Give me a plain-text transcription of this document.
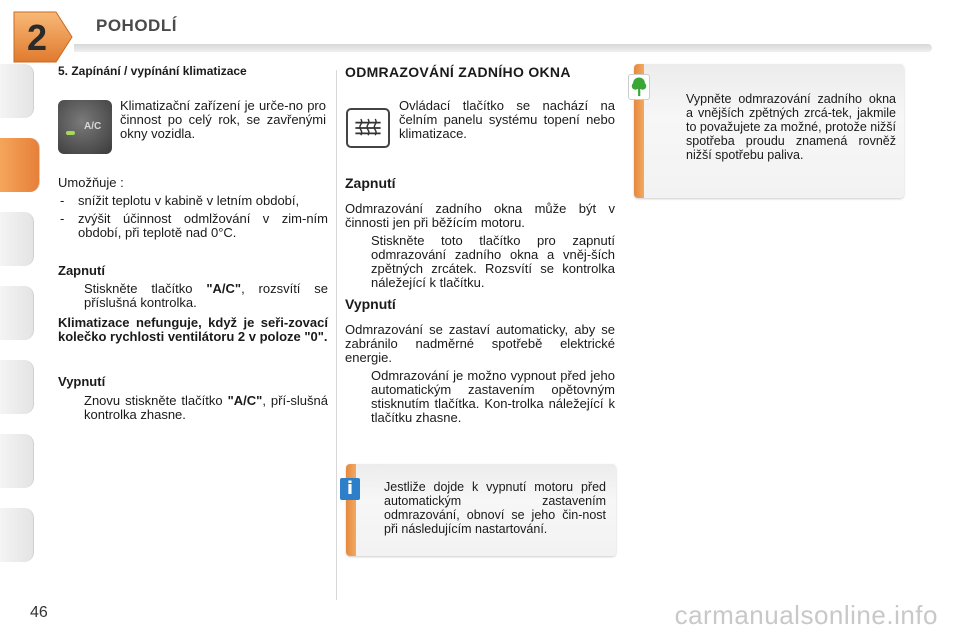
2	POHODLÍ
5. Zapínání / vypínání klimatizace
A/C
Klimatizační zařízení je urče-no pro činnost po celý rok, se zavřenými okny vozidla.
Umožňuje :
- snížit teplotu v kabině v letním období,
- zvýšit účinnost odmlžování v zim-ním období, při teplotě nad 0°C.
Zapnutí
Stiskněte tlačítko "A/C", rozsvítí se příslušná kontrolka.
Klimatizace nefunguje, když je seři-zovací kolečko rychlosti ventilátoru 2 v poloze "0".
Vypnutí
Znovu stiskněte tlačítko "A/C", pří-slušná kontrolka zhasne.
ODMRAZOVÁNÍ ZADNÍHO OKNA
Ovládací tlačítko se nachází na čelním panelu systému topení nebo klimatizace.
Zapnutí
Odmrazování zadního okna může být v činnosti jen při běžícím motoru.
Stiskněte toto tlačítko pro zapnutí odmrazování zadního okna a vněj-ších zpětných zrcátek. Rozsvítí se kontrolka náležející k tlačítku.
Vypnutí
Odmrazování se zastaví automaticky, aby se zabránilo nadměrné spotřebě elektrické energie.
Odmrazování je možno vypnout před jeho automatickým zastavením opětovným stisknutím tlačítka. Kon-trolka náležející k tlačítku zhasne.
Jestliže dojde k vypnutí motoru před automatickým zastavením odmrazování, obnoví se jeho čin-nost při následujícím nastartování.
i
Vypněte odmrazování zadního okna a vnějších zpětných zrcá-tek, jakmile to považujete za možné, protože nižší spotřeba proudu znamená rovněž nižší spotřebu paliva.
46	carmanualsonline.info
